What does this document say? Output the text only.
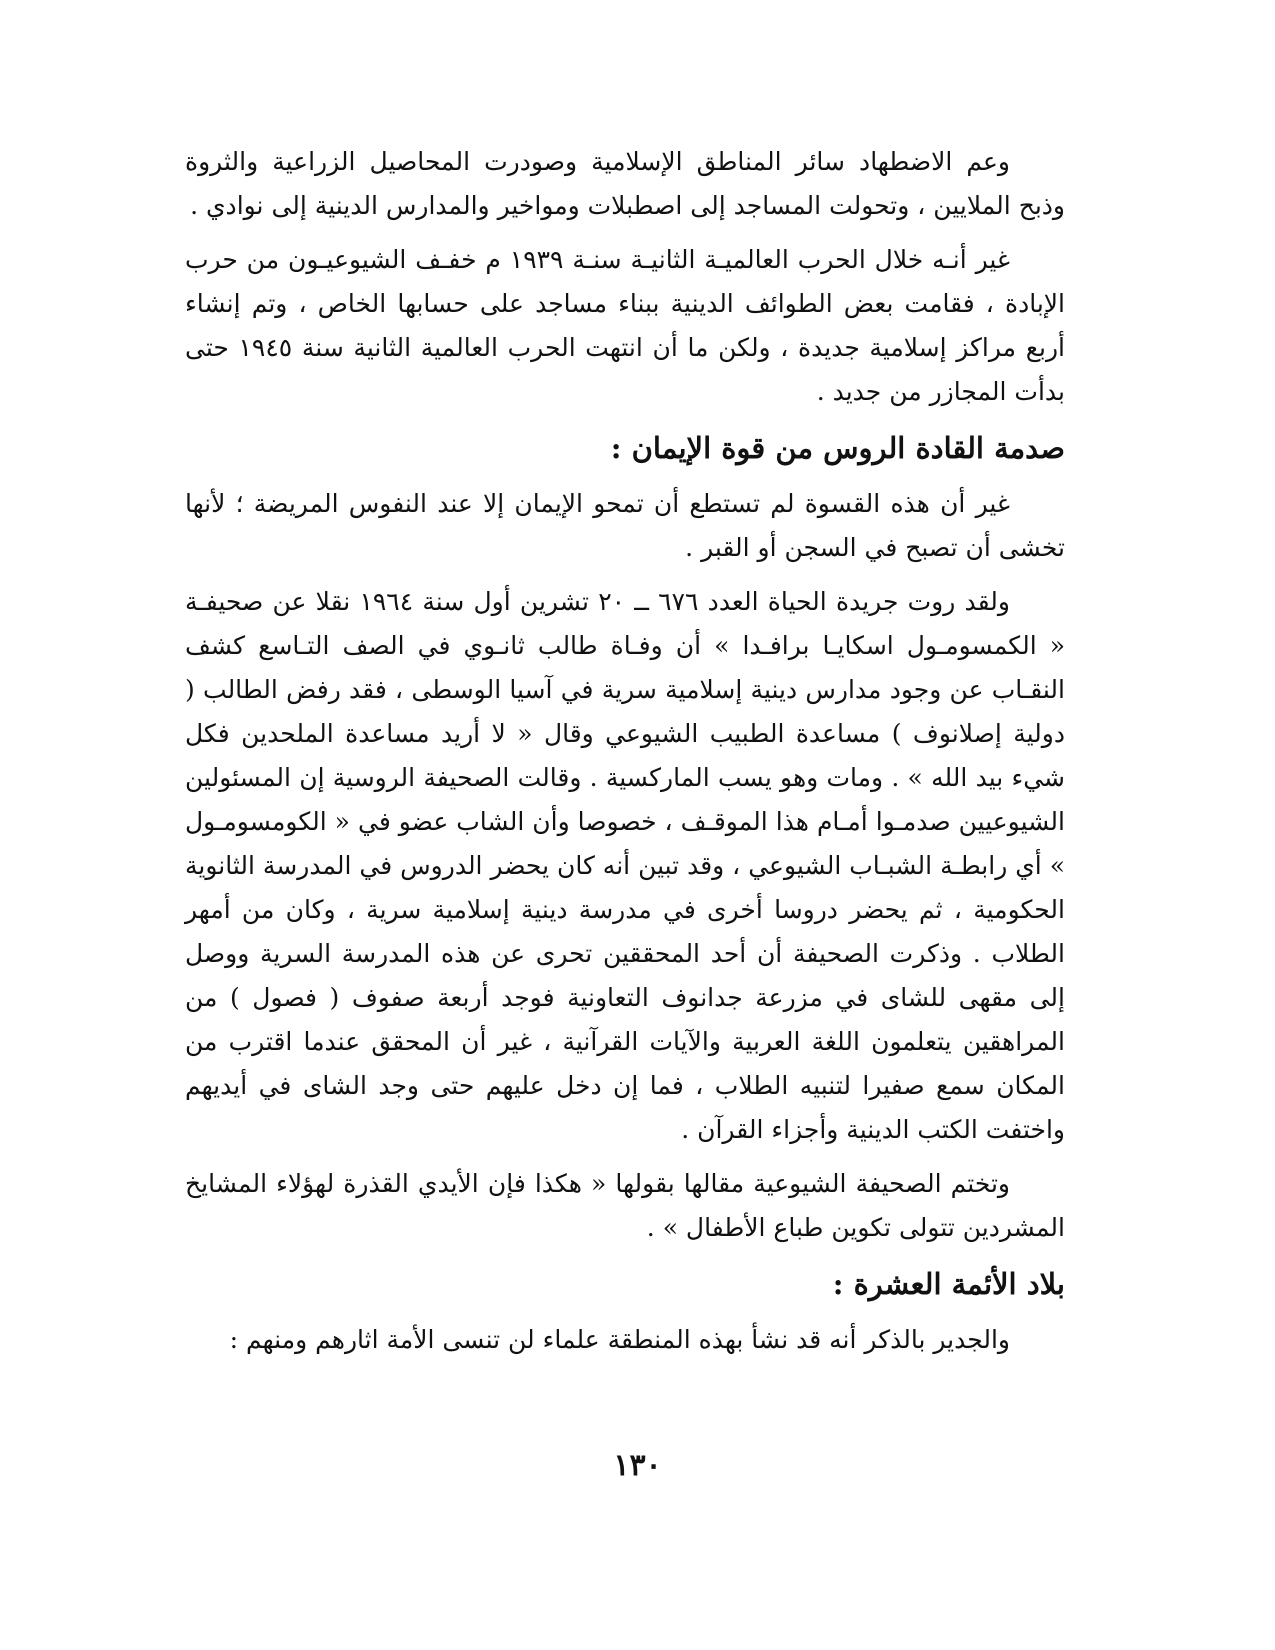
وعم الاضطهاد سائر المناطق الإسلامية وصودرت المحاصيل الزراعية والثروة وذبح الملايين ، وتحولت المساجد إلى اصطبلات ومواخير والمدارس الدينية إلى نوادي .

غير أنـه خلال الحرب العالميـة الثانيـة سنـة ١٩٣٩ م خفـف الشيوعيـون من حرب الإبادة ، فقامت بعض الطوائف الدينية ببناء مساجد على حسابها الخاص ، وتم إنشاء أربع مراكز إسلامية جديدة ، ولكن ما أن انتهت الحرب العالمية الثانية سنة ١٩٤٥ حتى بدأت المجازر من جديد .

صدمة القادة الروس من قوة الإيمان :

غير أن هذه القسوة لم تستطع أن تمحو الإيمان إلا عند النفوس المريضة ؛ لأنها تخشى أن تصبح في السجن أو القبر .

ولقد روت جريدة الحياة العدد ٦٧٦ ــ ٢٠ تشرين أول سنة ١٩٦٤ نقلا عن صحيفـة « الكمسومـول اسكايـا برافـدا » أن وفـاة طالب ثانـوي في الصف التـاسع كشف النقـاب عن وجود مدارس دينية إسلامية سرية في آسيا الوسطى ، فقد رفض الطالب ( دولية إصلانوف ) مساعدة الطبيب الشيوعي وقال « لا أريد مساعدة الملحدين فكل شيء بيد الله » . ومات وهو يسب الماركسية . وقالت الصحيفة الروسية إن المسئولين الشيوعيين صدمـوا أمـام هذا الموقـف ، خصوصا وأن الشاب عضو في « الكومسومـول » أي رابطـة الشبـاب الشيوعي ، وقد تبين أنه كان يحضر الدروس في المدرسة الثانوية الحكومية ، ثم يحضر دروسا أخرى في مدرسة دينية إسلامية سرية ، وكان من أمهر الطلاب . وذكرت الصحيفة أن أحد المحققين تحرى عن هذه المدرسة السرية ووصل إلى مقهى للشاى في مزرعة جدانوف التعاونية فوجد أربعة صفوف ( فصول ) من المراهقين يتعلمون اللغة العربية والآيات القرآنية ، غير أن المحقق عندما اقترب من المكان سمع صفيرا لتنبيه الطلاب ، فما إن دخل عليهم حتى وجد الشاى في أيديهم واختفت الكتب الدينية وأجزاء القرآن .

وتختم الصحيفة الشيوعية مقالها بقولها « هكذا فإن الأيدي القذرة لهؤلاء المشايخ المشردين تتولى تكوين طباع الأطفال » .

بلاد الأئمة العشرة :

والجدير بالذكر أنه قد نشأ بهذه المنطقة علماء لن تنسى الأمة اثارهم ومنهم :

١٣٠
